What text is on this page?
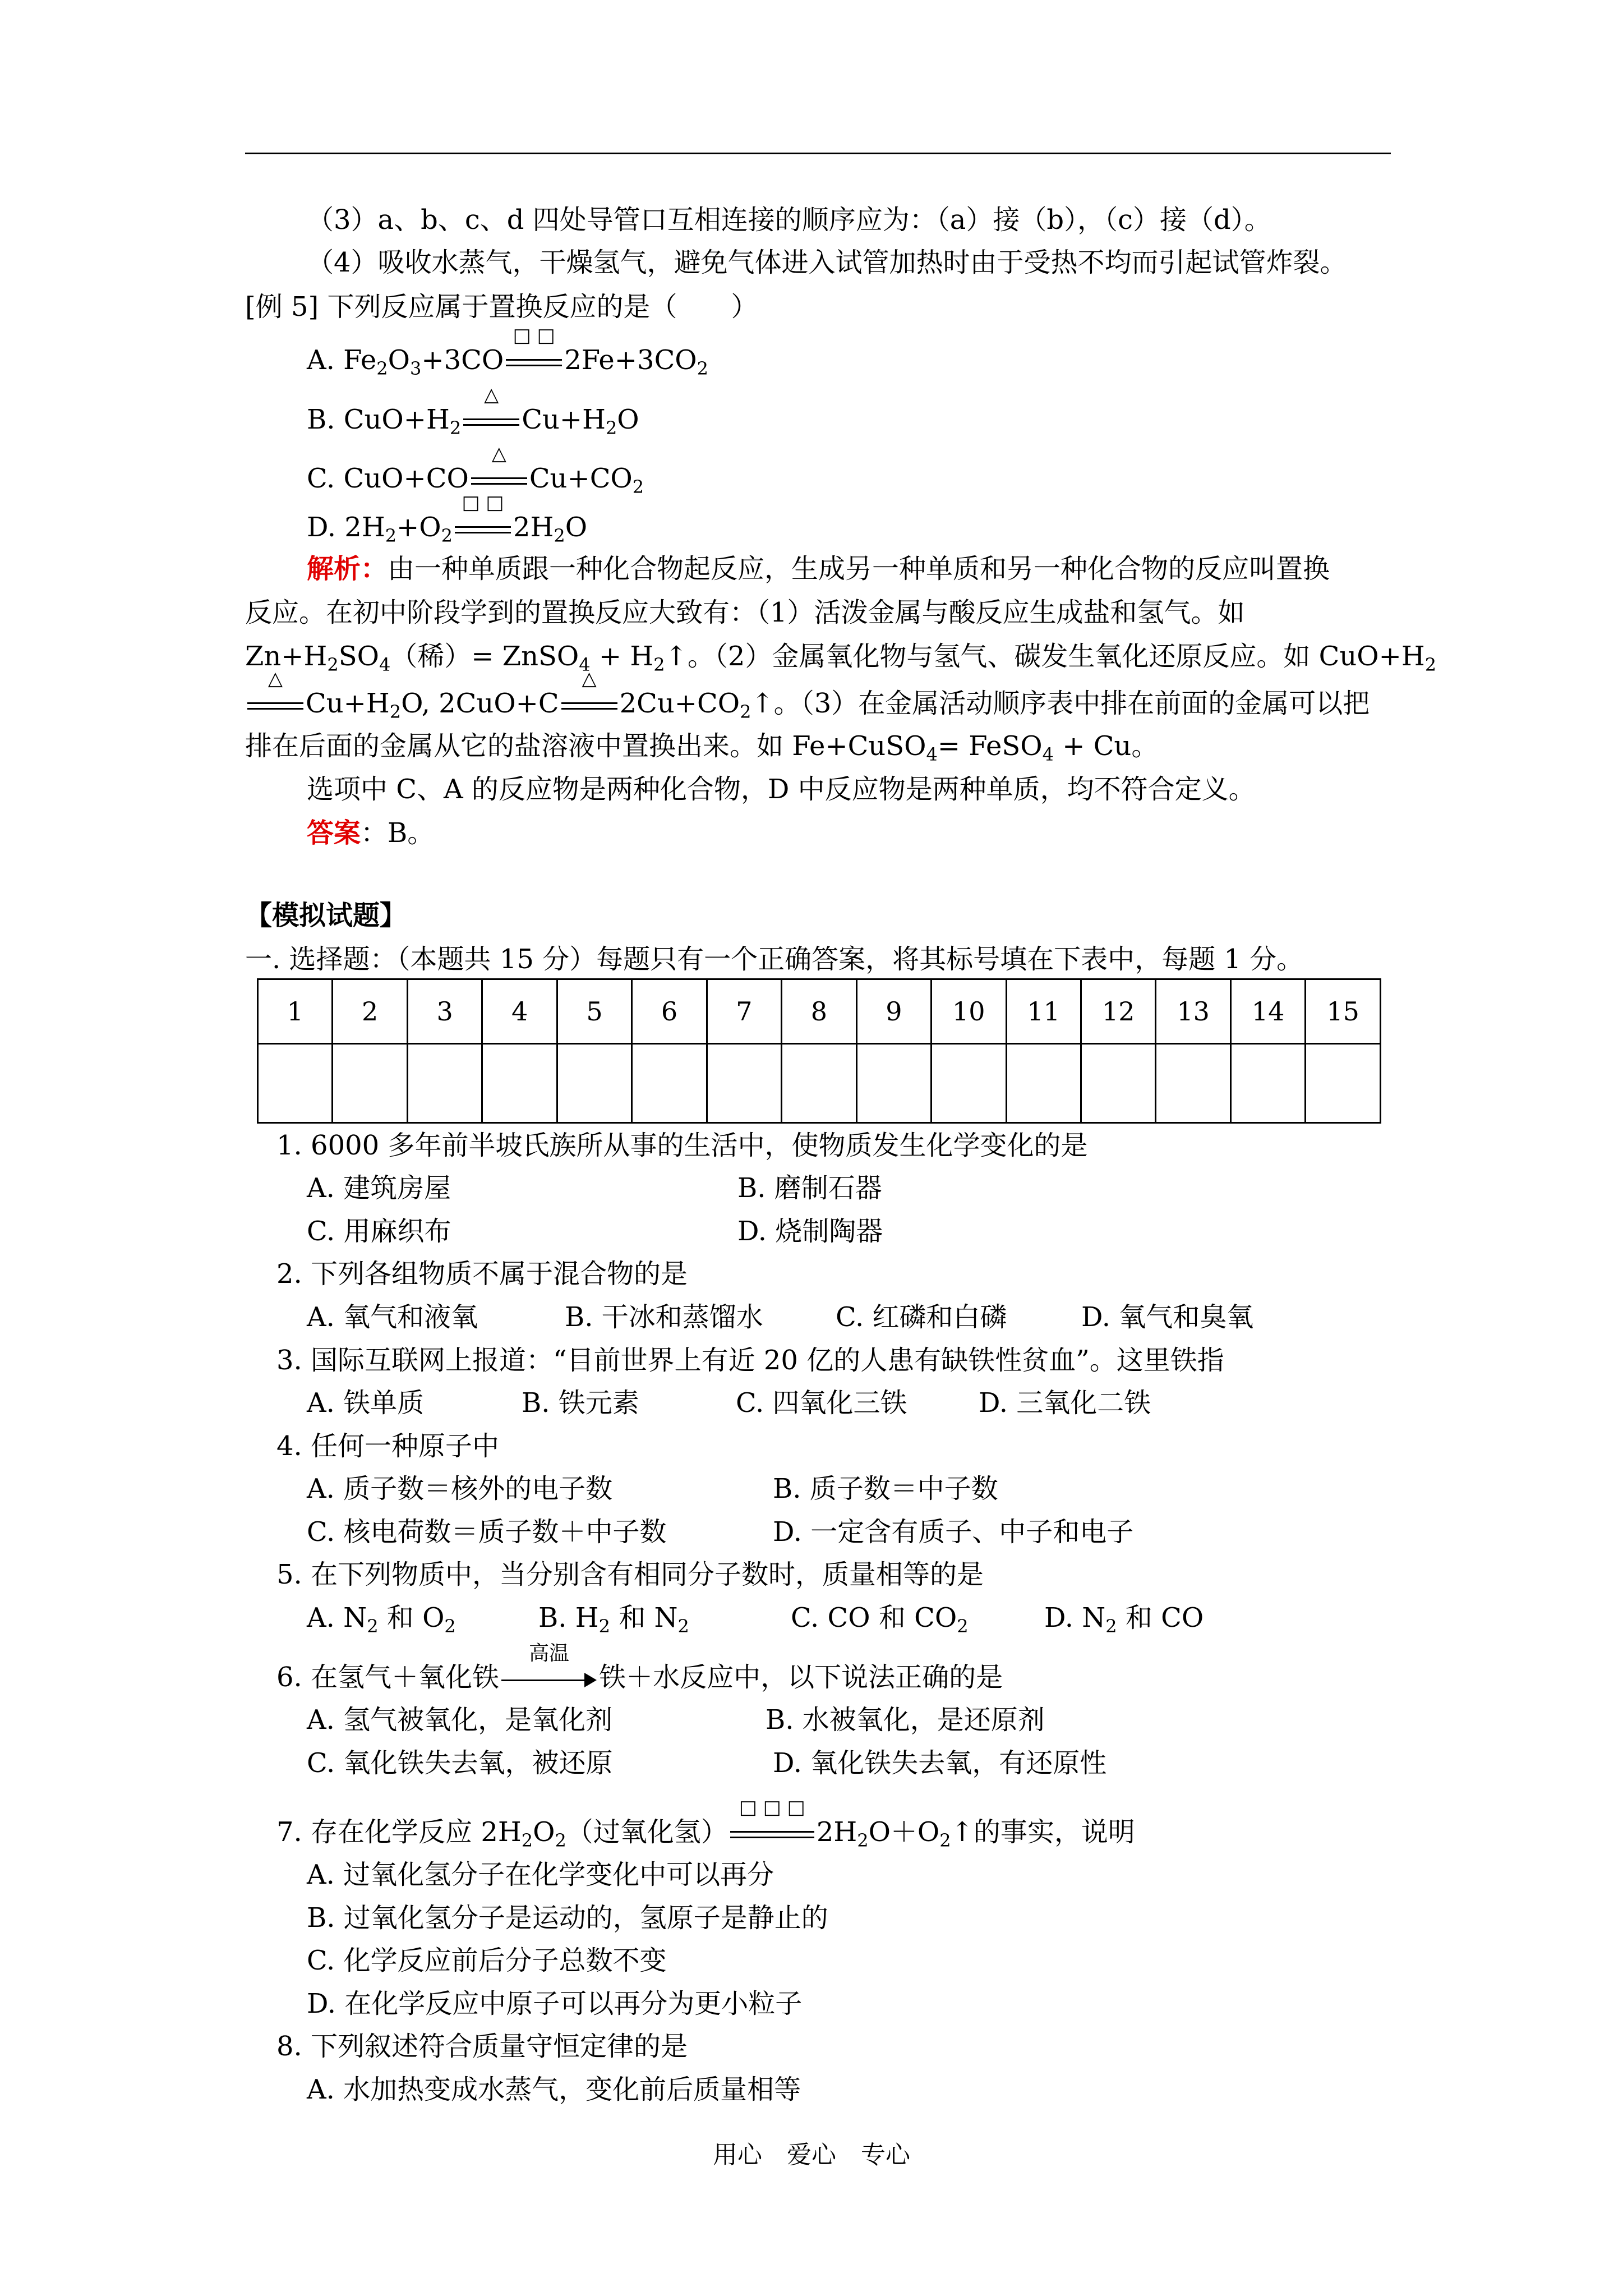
（3）a、b、c、d 四处导管口互相连接的顺序应为：（a）接（b），（c）接（d）。
（4）吸收水蒸气，干燥氢气，避免气体进入试管加热时由于受热不均而引起试管炸裂。
[例 5] 下列反应属于置换反应的是（　　）
A. $Fe_2O_3+3CO$
□ □
$2Fe+3CO_2$
B. $CuO+H_2$
△
$Cu+H_2O$
C. CuO+CO
△
$Cu+CO_2$
D. $2H_2+O_2$
□ □
$2H_2O$
解析：由一种单质跟一种化合物起反应，生成另一种单质和另一种化合物的反应叫置换
反应。在初中阶段学到的置换反应大致有：（1）活泼金属与酸反应生成盐和氢气。如
$Zn+H_2SO_4$（稀）= ZnSO$_4$ + $H_2↑$。（2）金属氧化物与氢气、碳发生氧化还原反应。如 $CuO+H_2$
△
$Cu+H_2O$, 2CuO+C
△
$2Cu+CO_2↑$。（3）在金属活动顺序表中排在前面的金属可以把
排在后面的金属从它的盐溶液中置换出来。如 Fe+CuSO$_4$= FeSO$_4$ + Cu。
选项中 C、A 的反应物是两种化合物，D 中反应物是两种单质，均不符合定义。
答案：B。
【模拟试题】
一. 选择题：（本题共 15 分）每题只有一个正确答案，将其标号填在下表中，每题 1 分。
1	2	3	4	5	6	7	8	9	10	11	12	13	14	15

1. 6000 多年前半坡氏族所从事的生活中，使物质发生化学变化的是
A. 建筑房屋	B. 磨制石器
C. 用麻织布	D. 烧制陶器
2. 下列各组物质不属于混合物的是
A. 氧气和液氧	B. 干冰和蒸馏水	C. 红磷和白磷	D. 氧气和臭氧
3. 国际互联网上报道：“目前世界上有近 20 亿的人患有缺铁性贫血”。这里铁指
A. 铁单质	B. 铁元素	C. 四氧化三铁	D. 三氧化二铁
4. 任何一种原子中
A. 质子数＝核外的电子数	B. 质子数＝中子数
C. 核电荷数＝质子数＋中子数	D. 一定含有质子、中子和电子
5. 在下列物质中，当分别含有相同分子数时，质量相等的是
A. $N_2$ 和 $O_2$	B. $H_2$ 和 $N_2$	C. CO 和 $CO_2$	D. $N_2$ 和 CO
6. 在氢气＋氧化铁
高温
铁＋水反应中，以下说法正确的是
A. 氢气被氧化，是氧化剂	B. 水被氧化，是还原剂
C. 氧化铁失去氧，被还原	D. 氧化铁失去氧，有还原性
7. 存在化学反应 $2H_2O_2$（过氧化氢）
□ □ □
$2H_2O+O_2↑$的事实，说明
A. 过氧化氢分子在化学变化中可以再分
B. 过氧化氢分子是运动的，氢原子是静止的
C. 化学反应前后分子总数不变
D. 在化学反应中原子可以再分为更小粒子
8. 下列叙述符合质量守恒定律的是
A. 水加热变成水蒸气，变化前后质量相等
用心　爱心　专心
